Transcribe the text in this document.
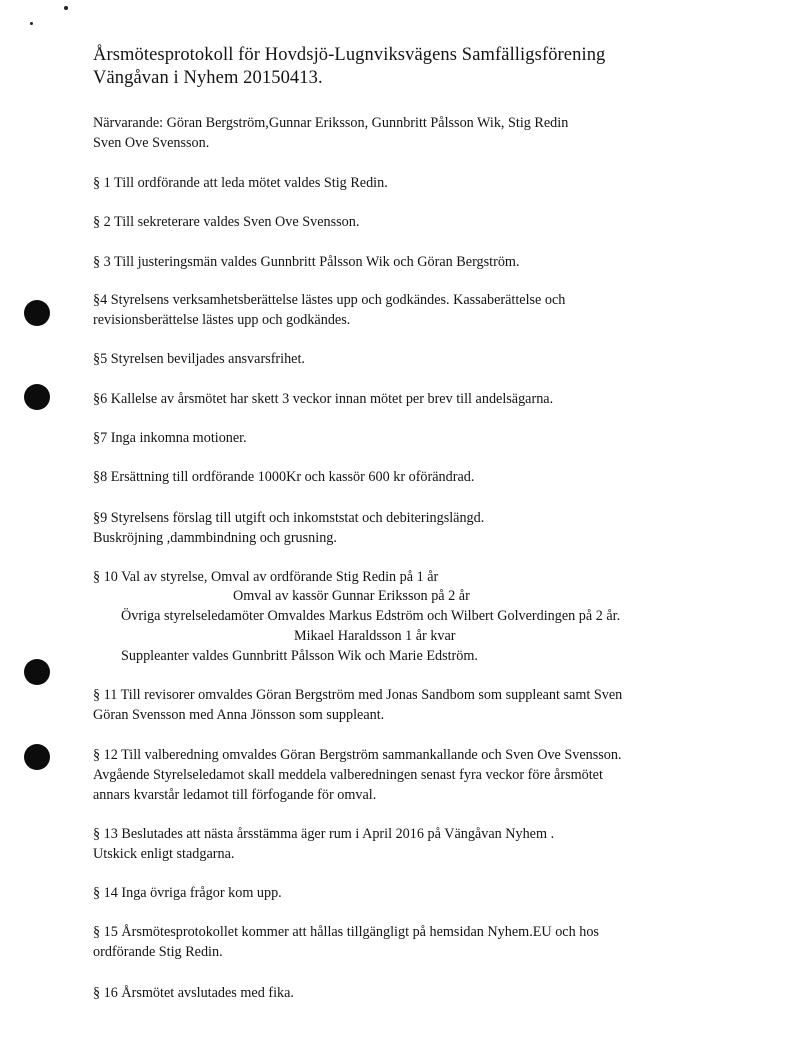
Årsmötesprotokoll för Hovdsjö-Lugnviksvägens Samfälligsförening
Vängåvan i Nyhem 20150413.
Närvarande: Göran Bergström,Gunnar Eriksson, Gunnbritt Pålsson Wik, Stig Redin
Sven Ove Svensson.
§ 1 Till ordförande att leda mötet valdes Stig Redin.
§ 2 Till sekreterare valdes Sven Ove Svensson.
§ 3 Till justeringsmän valdes Gunnbritt Pålsson Wik och Göran Bergström.
§4 Styrelsens verksamhetsberättelse lästes upp och godkändes. Kassaberättelse och
revisionsberättelse lästes upp och godkändes.
§5 Styrelsen beviljades ansvarsfrihet.
§6 Kallelse av årsmötet har skett 3 veckor innan mötet per brev till andelsägarna.
§7 Inga inkomna motioner.
§8 Ersättning till ordförande 1000Kr och kassör 600 kr oförändrad.
§9 Styrelsens förslag till utgift och inkomststat och debiteringslängd.
Buskröjning ,dammbindning och grusning.
§ 10 Val av styrelse, Omval av ordförande Stig Redin på 1 år
Omval av kassör Gunnar Eriksson på 2 år
Övriga styrelseledamöter Omvaldes Markus Edström och Wilbert Golverdingen på 2 år.
Mikael Haraldsson 1 år kvar
Suppleanter valdes Gunnbritt Pålsson Wik och Marie Edström.
§ 11 Till revisorer omvaldes Göran Bergström med Jonas Sandbom som suppleant samt Sven
Göran Svensson med Anna Jönsson som suppleant.
§ 12 Till valberedning omvaldes Göran Bergström sammankallande och Sven Ove Svensson.
Avgående Styrelseledamot skall meddela valberedningen senast fyra veckor före årsmötet
annars kvarstår ledamot till förfogande för omval.
§ 13 Beslutades att nästa årsstämma äger rum i April 2016 på Vängåvan Nyhem .
Utskick enligt stadgarna.
§ 14 Inga övriga frågor kom upp.
§ 15 Årsmötesprotokollet kommer att hållas tillgängligt på hemsidan Nyhem.EU och hos
ordförande Stig Redin.
§ 16 Årsmötet avslutades med fika.
